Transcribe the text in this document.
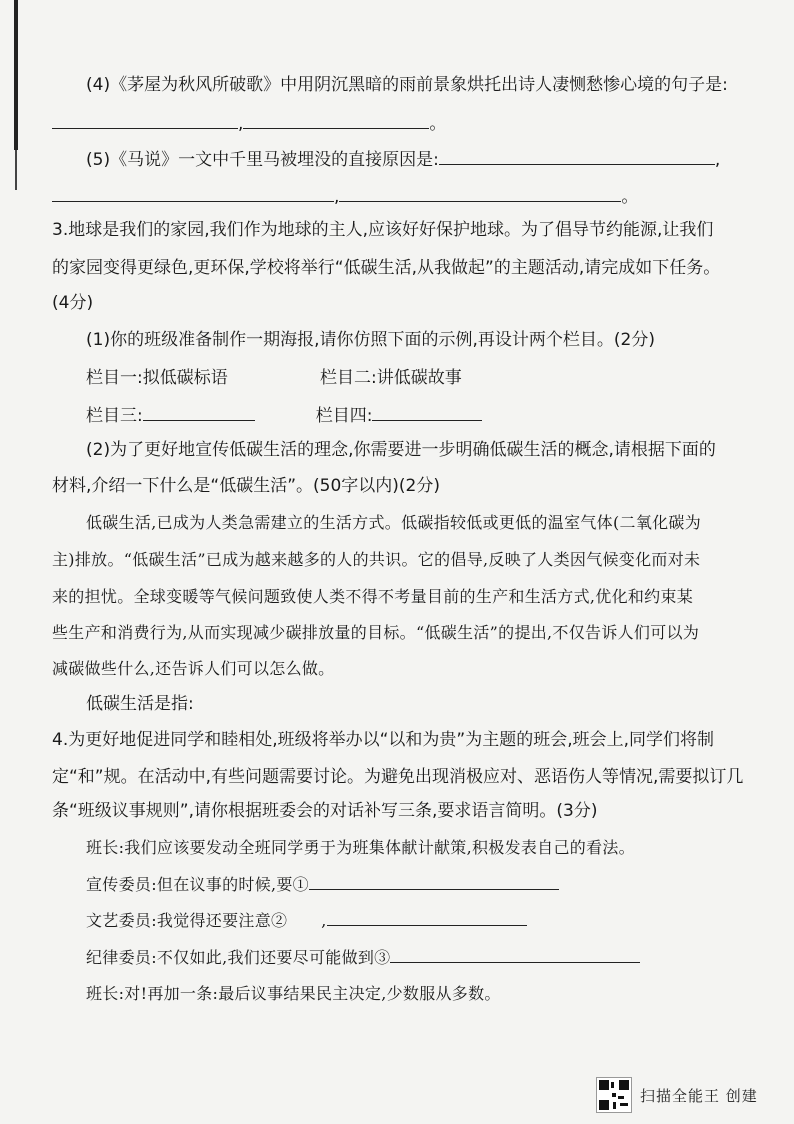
(4)《茅屋为秋风所破歌》中用阴沉黑暗的雨前景象烘托出诗人凄恻愁惨心境的句子是:
,	。
(5)《马说》一文中千里马被埋没的直接原因是:	,
,	。
3.地球是我们的家园,我们作为地球的主人,应该好好保护地球。为了倡导节约能源,让我们
的家园变得更绿色,更环保,学校将举行“低碳生活,从我做起”的主题活动,请完成如下任务。
(4分)
(1)你的班级准备制作一期海报,请你仿照下面的示例,再设计两个栏目。(2分)
栏目一:拟低碳标语	栏目二:讲低碳故事
栏目三:	栏目四:
(2)为了更好地宣传低碳生活的理念,你需要进一步明确低碳生活的概念,请根据下面的
材料,介绍一下什么是“低碳生活”。(50字以内)(2分)
低碳生活,已成为人类急需建立的生活方式。低碳指较低或更低的温室气体(二氧化碳为
主)排放。“低碳生活”已成为越来越多的人的共识。它的倡导,反映了人类因气候变化而对未
来的担忧。全球变暖等气候问题致使人类不得不考量目前的生产和生活方式,优化和约束某
些生产和消费行为,从而实现减少碳排放量的目标。“低碳生活”的提出,不仅告诉人们可以为
减碳做些什么,还告诉人们可以怎么做。
低碳生活是指:
4.为更好地促进同学和睦相处,班级将举办以“以和为贵”为主题的班会,班会上,同学们将制
定“和”规。在活动中,有些问题需要讨论。为避免出现消极应对、恶语伤人等情况,需要拟订几
条“班级议事规则”,请你根据班委会的对话补写三条,要求语言简明。(3分)
班长:我们应该要发动全班同学勇于为班集体献计献策,积极发表自己的看法。
宣传委员:但在议事的时候,要①
文艺委员:我觉得还要注意② ,
纪律委员:不仅如此,我们还要尽可能做到③
班长:对!再加一条:最后议事结果民主决定,少数服从多数。
扫描全能王 创建
